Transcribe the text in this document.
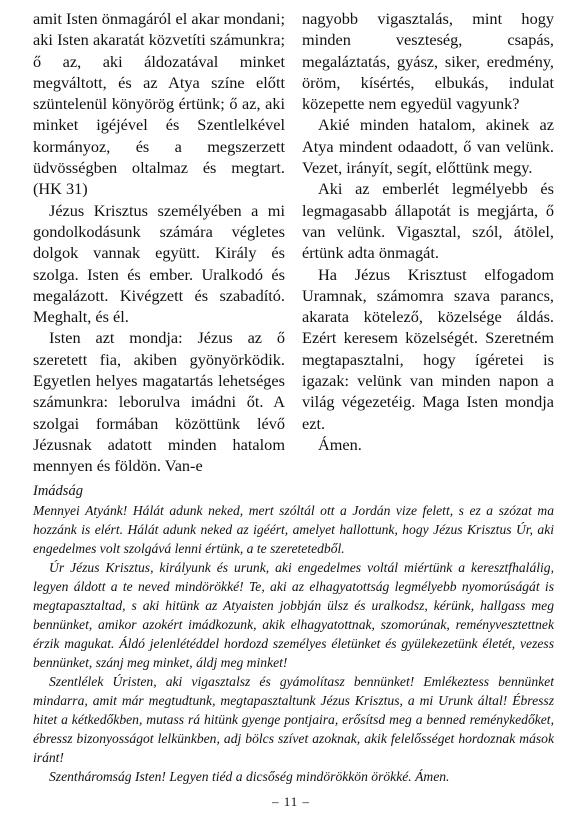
amit Isten önmagáról el akar mondani; aki Isten akaratát közvetíti számunkra; ő az, aki áldozatával minket megváltott, és az Atya színe előtt szüntelenül könyörög értünk; ő az, aki minket igéjével és Szentlelkével kormányoz, és a megszerzett üdvösségben oltalmaz és megtart. (HK 31)

Jézus Krisztus személyében a mi gondolkodásunk számára végletes dolgok vannak együtt. Király és szolga. Isten és ember. Uralkodó és megalázott. Kivégzett és szabadító. Meghalt, és él.

Isten azt mondja: Jézus az ő szeretett fia, akiben gyönyörködik. Egyetlen helyes magatartás lehetséges számunkra: leborulva imádni őt. A szolgai formában közöttünk lévő Jézusnak adatott minden hatalom mennyen és földön. Van-e

nagyobb vigasztalás, mint hogy minden veszteség, csapás, megaláztatás, gyász, siker, eredmény, öröm, kísértés, elbukás, indulat közepette nem egyedül vagyunk?

Akié minden hatalom, akinek az Atya mindent odaadott, ő van velünk. Vezet, irányít, segít, előttünk megy.

Aki az emberlét legmélyebb és legmagasabb állapotát is megjárta, ő van velünk. Vigasztal, szól, átölel, értünk adta önmagát.

Ha Jézus Krisztust elfogadom Uramnak, számomra szava parancs, akarata kötelező, közelsége áldás. Ezért keresem közelségét. Szeretném megtapasztalni, hogy ígéretei is igazak: velünk van minden napon a világ végezetéig. Maga Isten mondja ezt.

Ámen.

Imádság

Mennyei Atyánk! Hálát adunk neked, mert szóltál ott a Jordán vize felett, s ez a szózat ma hozzánk is elért. Hálát adunk neked az igéért, amelyet hallottunk, hogy Jézus Krisztus Úr, aki engedelmes volt szolgává lenni értünk, a te szeretetedből.

Úr Jézus Krisztus, királyunk és urunk, aki engedelmes voltál miértünk a keresztfhalálig, legyen áldott a te neved mindörökké! Te, aki az elhagyatottság legmélyebb nyomorúságát is megtapasztaltad, s aki hitünk az Atyaisten jobbján ülsz és uralkodsz, kérünk, hallgass meg bennünket, amikor azokért imádkozunk, akik elhagyatottnak, szomorúnak, reményvesztettnek érzik magukat. Áldó jelenlétéddel hordozd személyes életünket és gyülekezetünk életét, vezess bennünket, szánj meg minket, áldj meg minket!

Szentlélek Úristen, aki vigasztalsz és gyámolítasz bennünket! Emlékeztess bennünket mindarra, amit már megtudtunk, megtapasztaltunk Jézus Krisztus, a mi Urunk által! Ébressz hitet a kétkedőkben, mutass rá hitünk gyenge pontjaira, erősítsd meg a benned reménykedőket, ébressz bizonyosságot lelkünkben, adj bölcs szívet azoknak, akik felelősséget hordoznak mások iránt!

Szentháromság Isten! Legyen tiéd a dicsőség mindörökkön örökké. Ámen.

– 11 –
